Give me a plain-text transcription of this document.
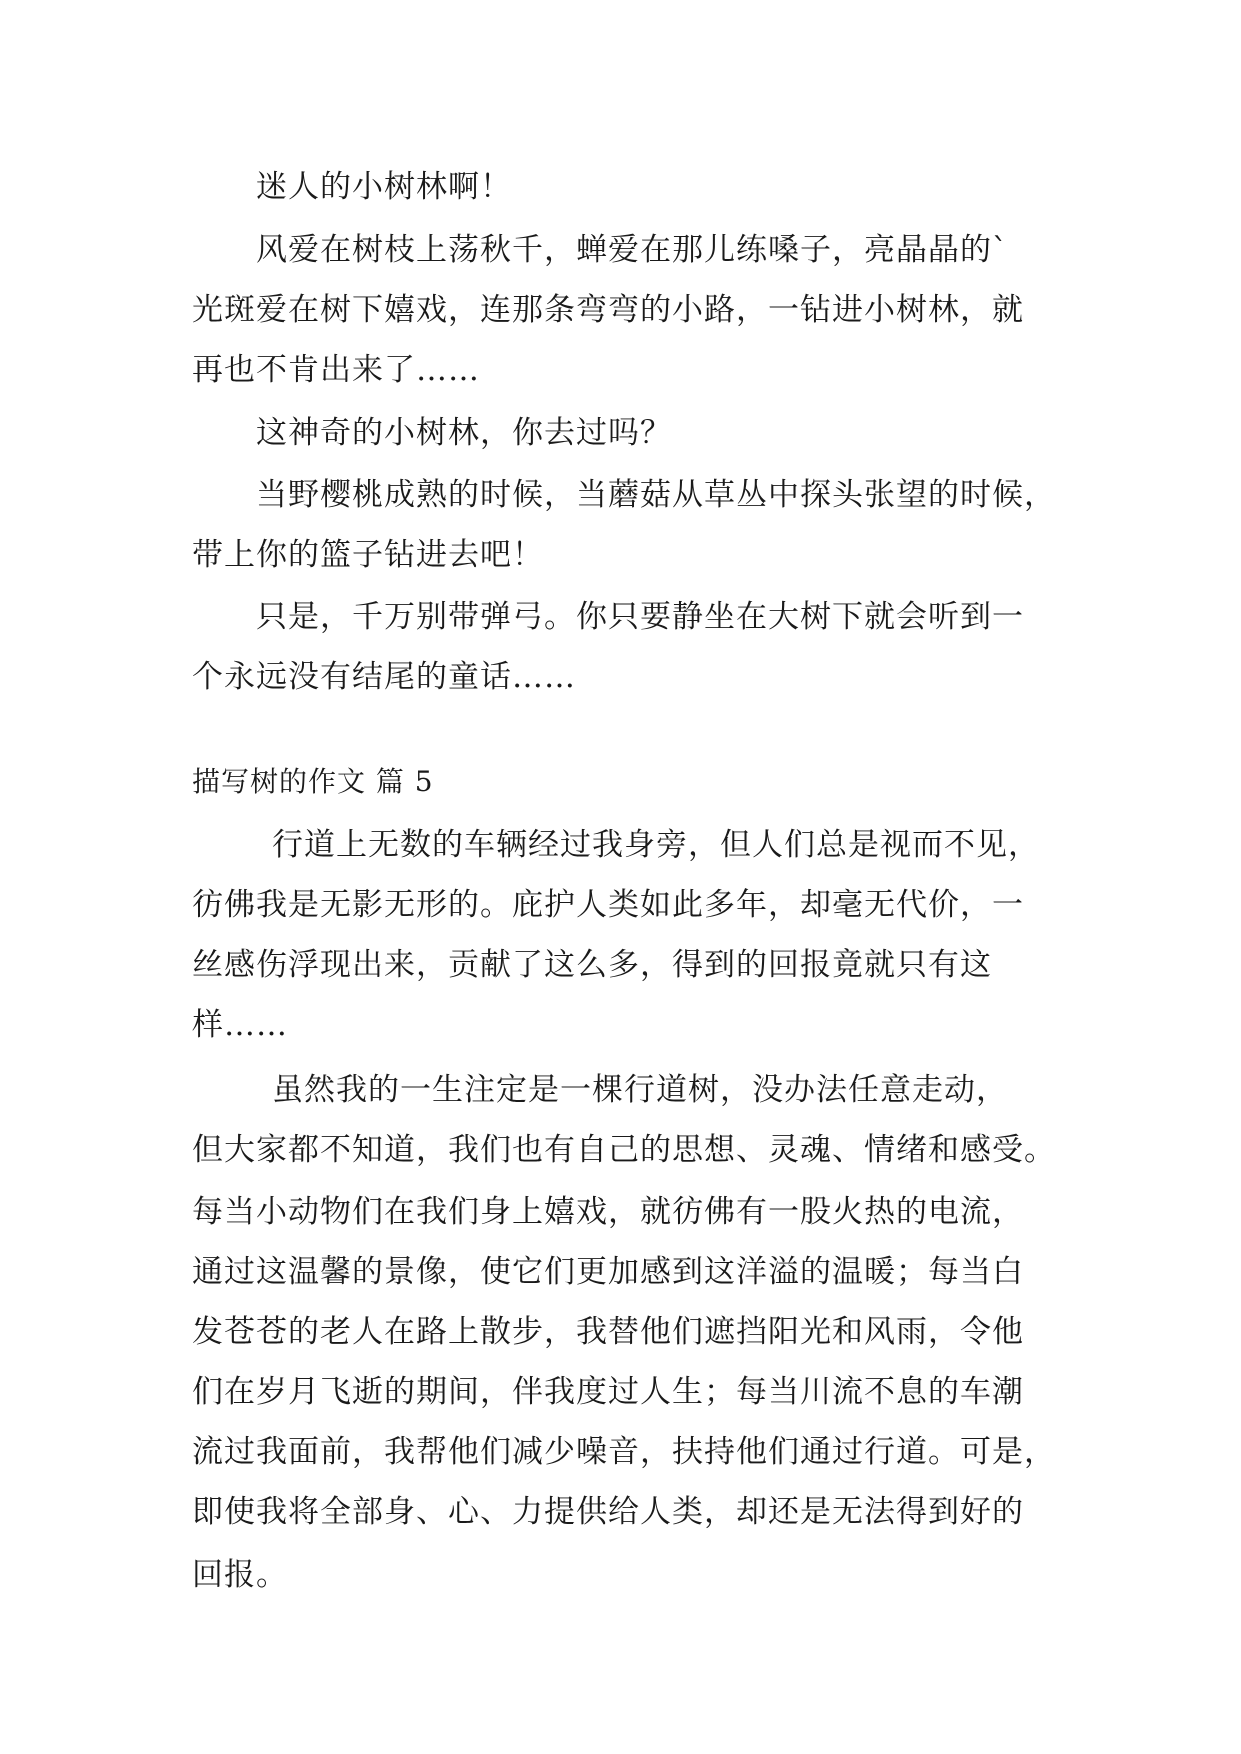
迷人的小树林啊！
风爱在树枝上荡秋千，蝉爱在那儿练嗓子，亮晶晶的`
光斑爱在树下嬉戏，连那条弯弯的小路，一钻进小树林，就
再也不肯出来了……
这神奇的小树林，你去过吗？
当野樱桃成熟的时候，当蘑菇从草丛中探头张望的时候，
带上你的篮子钻进去吧！
只是，千万别带弹弓。你只要静坐在大树下就会听到一
个永远没有结尾的童话……
描写树的作文 篇 5
行道上无数的车辆经过我身旁，但人们总是视而不见，
彷佛我是无影无形的。庇护人类如此多年，却毫无代价，一
丝感伤浮现出来，贡献了这么多，得到的回报竟就只有这
样……
虽然我的一生注定是一棵行道树，没办法任意走动，
但大家都不知道，我们也有自己的思想、灵魂、情绪和感受。
每当小动物们在我们身上嬉戏，就彷佛有一股火热的电流，
通过这温馨的景像，使它们更加感到这洋溢的温暖；每当白
发苍苍的老人在路上散步，我替他们遮挡阳光和风雨，令他
们在岁月飞逝的期间，伴我度过人生；每当川流不息的车潮
流过我面前，我帮他们减少噪音，扶持他们通过行道。可是，
即使我将全部身、心、力提供给人类，却还是无法得到好的
回报。
